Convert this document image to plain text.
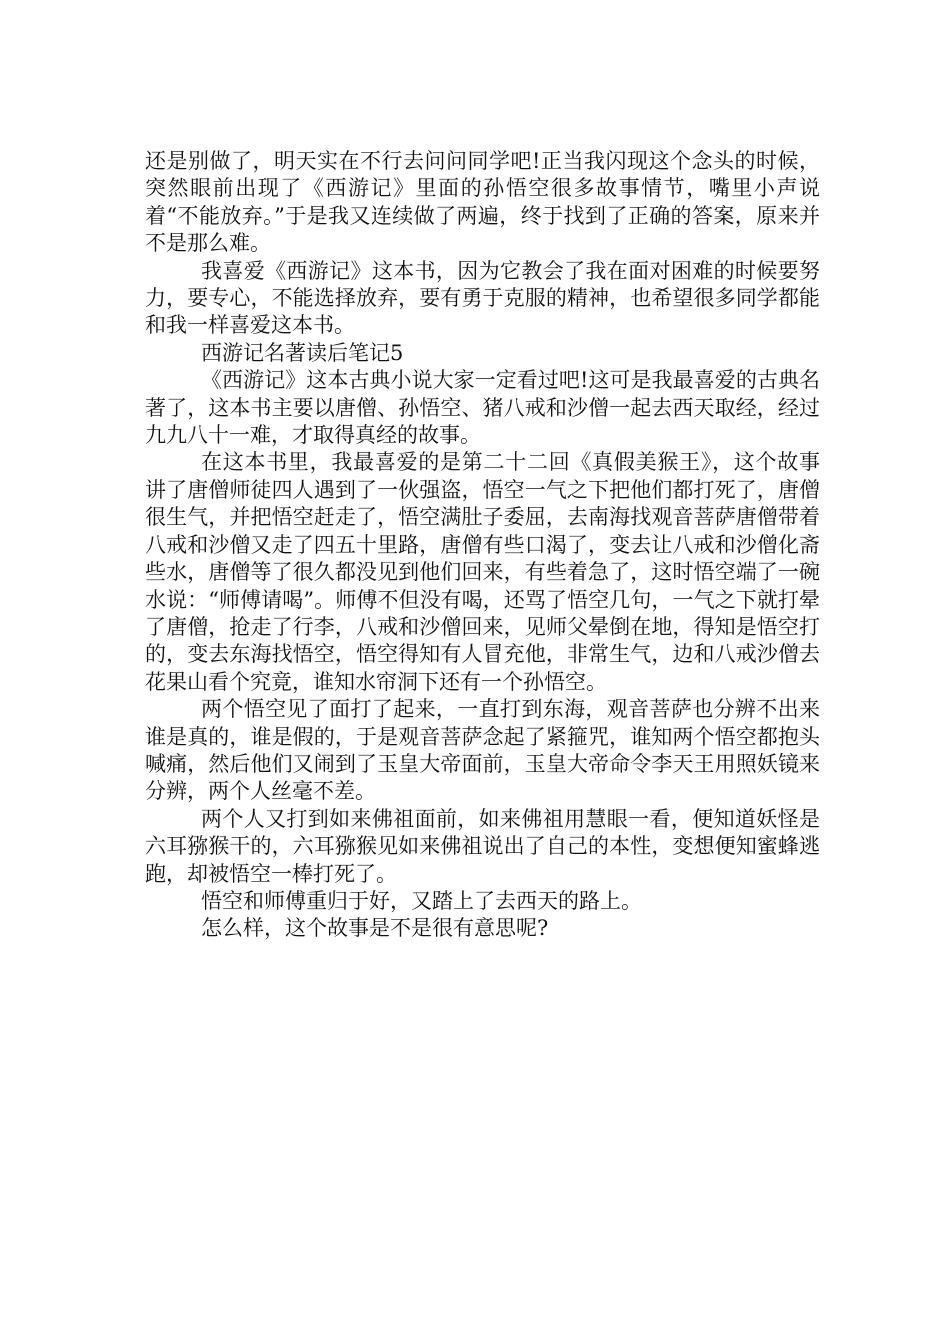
还是别做了，明天实在不行去问问同学吧!正当我闪现这个念头的时候，突然眼前出现了《西游记》里面的孙悟空很多故事情节，嘴里小声说着“不能放弃。”于是我又连续做了两遍，终于找到了正确的答案，原来并不是那么难。

我喜爱《西游记》这本书，因为它教会了我在面对困难的时候要努力，要专心，不能选择放弃，要有勇于克服的精神，也希望很多同学都能和我一样喜爱这本书。

西游记名著读后笔记5

《西游记》这本古典小说大家一定看过吧!这可是我最喜爱的古典名著了，这本书主要以唐僧、孙悟空、猪八戒和沙僧一起去西天取经，经过九九八十一难，才取得真经的故事。

在这本书里，我最喜爱的是第二十二回《真假美猴王》，这个故事讲了唐僧师徒四人遇到了一伙强盗，悟空一气之下把他们都打死了，唐僧很生气，并把悟空赶走了，悟空满肚子委屈，去南海找观音菩萨唐僧带着八戒和沙僧又走了四五十里路，唐僧有些口渴了，变去让八戒和沙僧化斋些水，唐僧等了很久都没见到他们回来，有些着急了，这时悟空端了一碗水说：“师傅请喝”。师傅不但没有喝，还骂了悟空几句，一气之下就打晕了唐僧，抢走了行李，八戒和沙僧回来，见师父晕倒在地，得知是悟空打的，变去东海找悟空，悟空得知有人冒充他，非常生气，边和八戒沙僧去花果山看个究竟，谁知水帘洞下还有一个孙悟空。

两个悟空见了面打了起来，一直打到东海，观音菩萨也分辨不出来谁是真的，谁是假的，于是观音菩萨念起了紧箍咒，谁知两个悟空都抱头喊痛，然后他们又闹到了玉皇大帝面前，玉皇大帝命令李天王用照妖镜来分辨，两个人丝毫不差。

两个人又打到如来佛祖面前，如来佛祖用慧眼一看，便知道妖怪是六耳猕猴干的，六耳猕猴见如来佛祖说出了自己的本性，变想便知蜜蜂逃跑，却被悟空一棒打死了。

悟空和师傅重归于好，又踏上了去西天的路上。

怎么样，这个故事是不是很有意思呢?
